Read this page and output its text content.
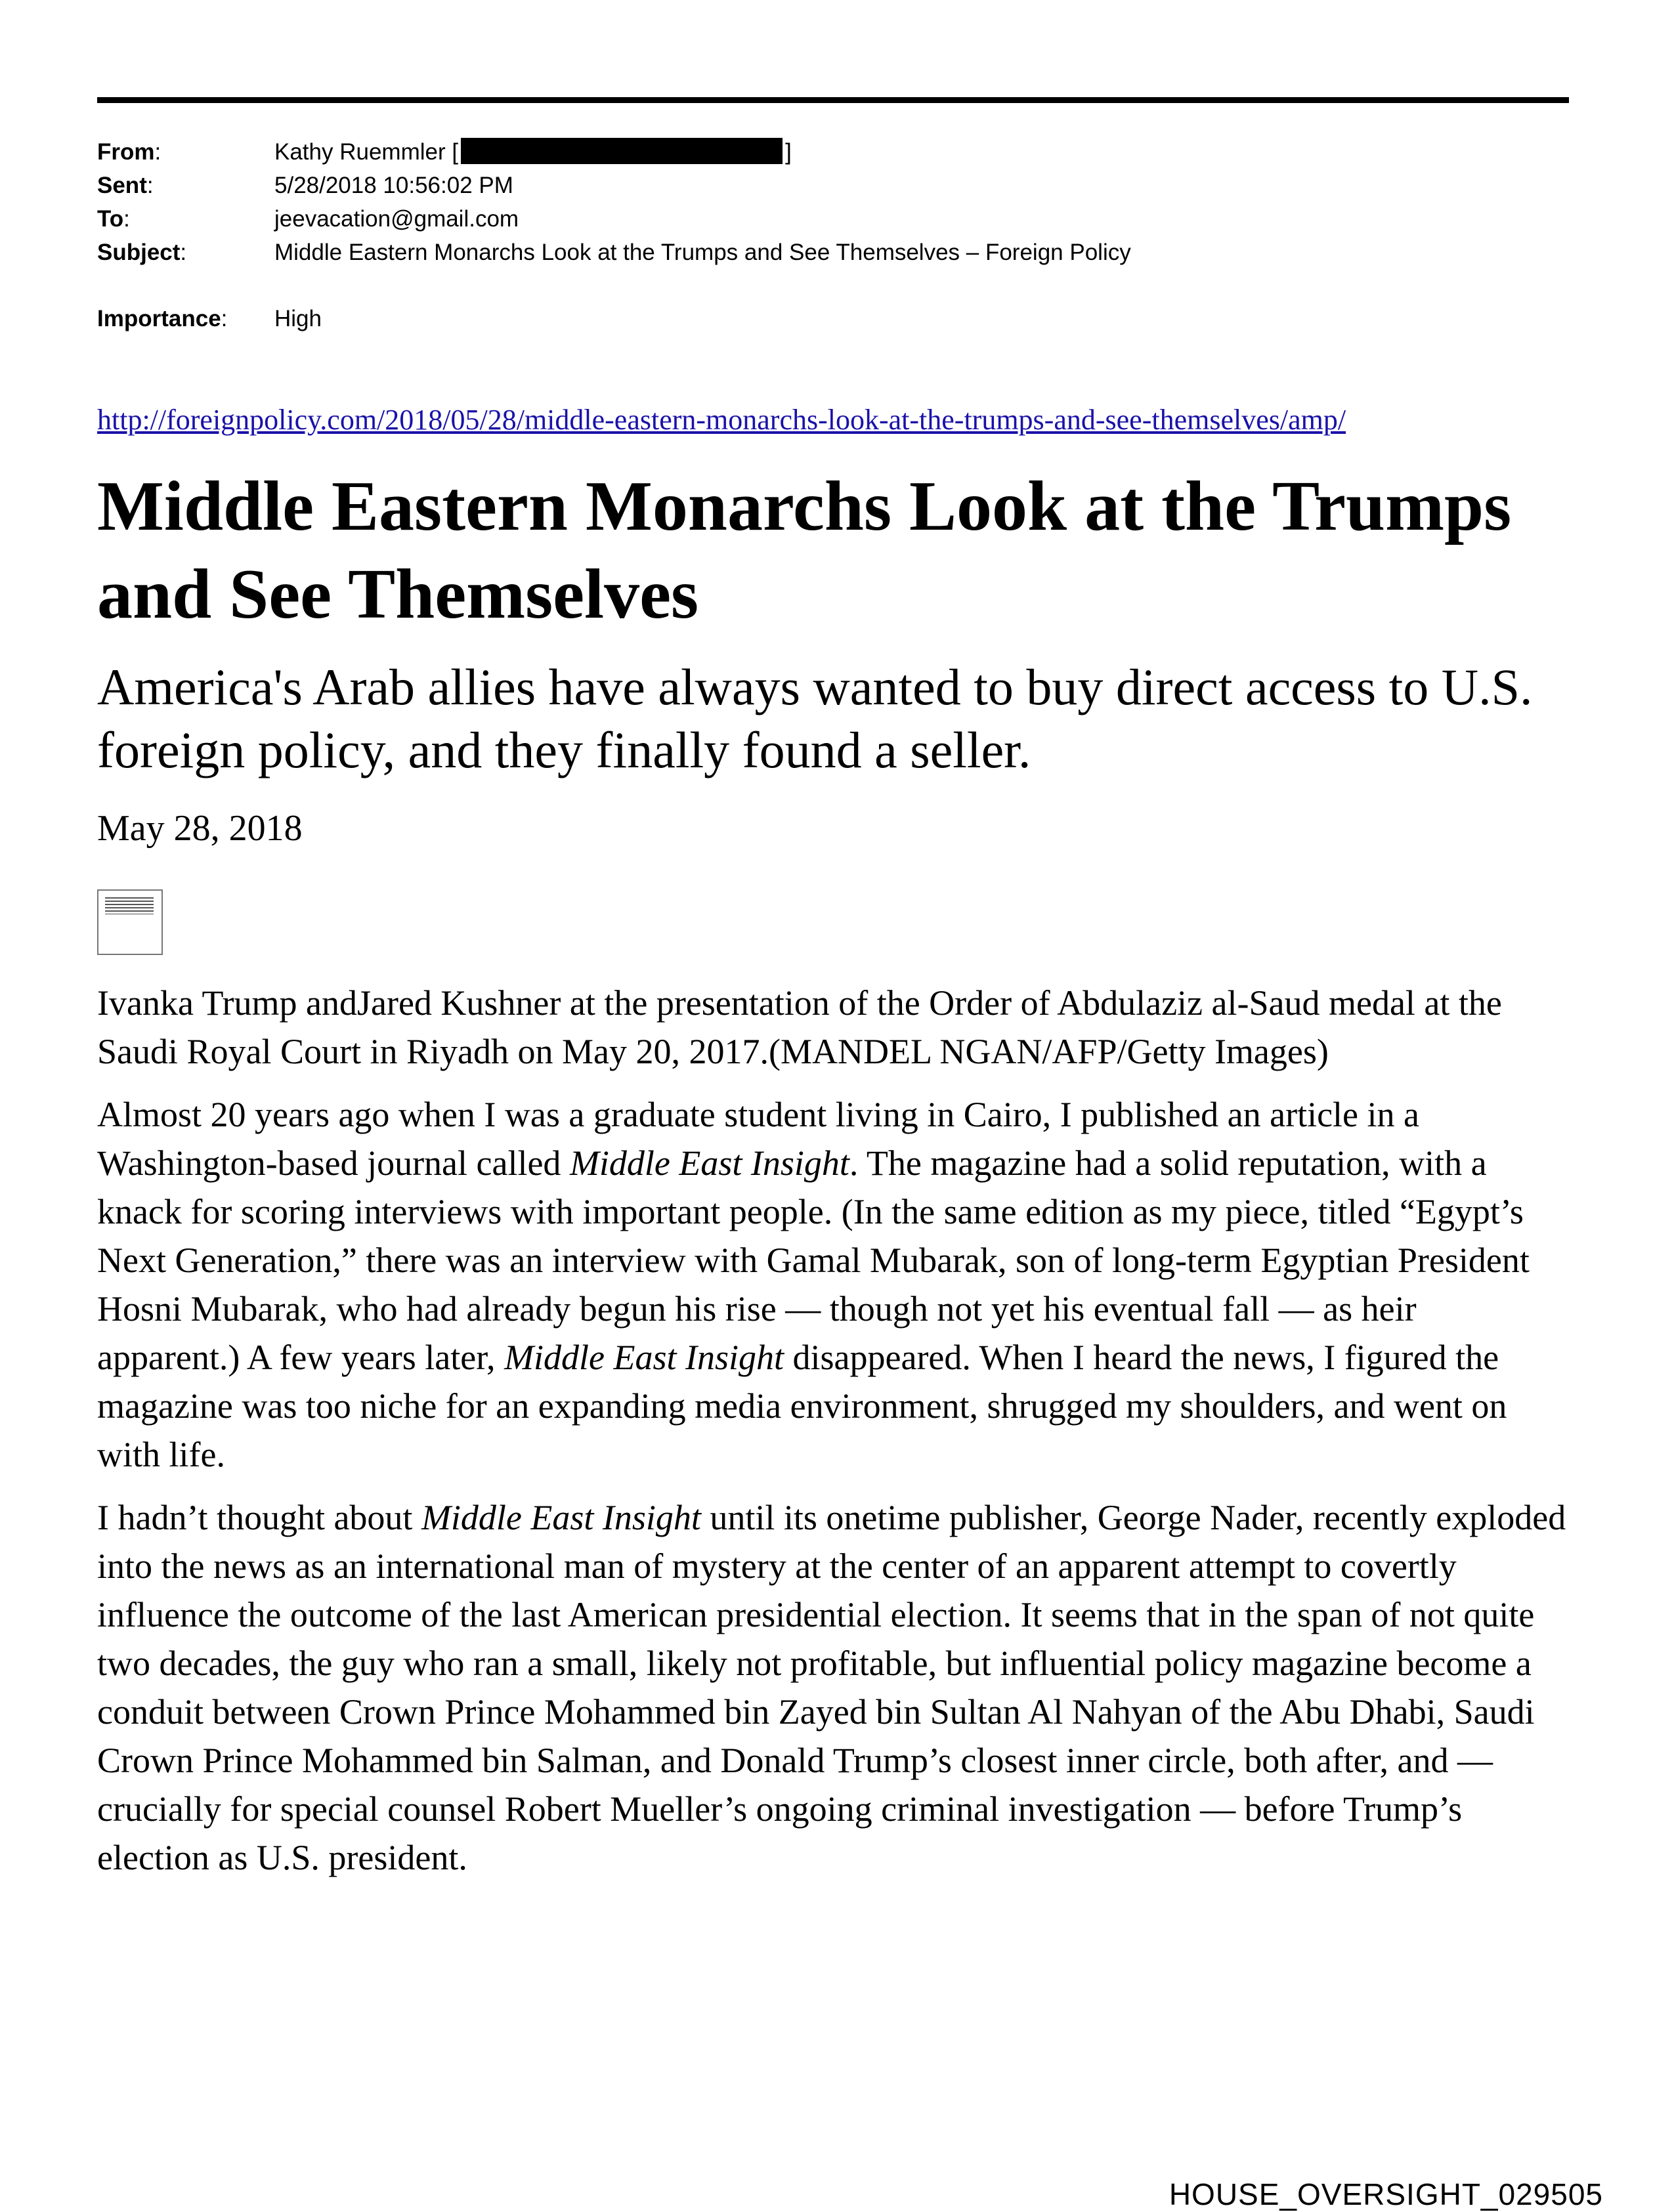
From:	Kathy Ruemmler [	]
Sent:	5/28/2018 10:56:02 PM
To:	jeevacation@gmail.com
Subject:	Middle Eastern Monarchs Look at the Trumps and See Themselves – Foreign Policy
Importance:	High
http://foreignpolicy.com/2018/05/28/middle-eastern-monarchs-look-at-the-trumps-and-see-themselves/amp/
Middle Eastern Monarchs Look at the Trumps and See Themselves
America's Arab allies have always wanted to buy direct access to U.S. foreign policy, and they finally found a seller.
May 28, 2018

Ivanka Trump andJared Kushner at the presentation of the Order of Abdulaziz al-Saud medal at the Saudi Royal Court in Riyadh on May 20, 2017.(MANDEL NGAN/AFP/Getty Images)

Almost 20 years ago when I was a graduate student living in Cairo, I published an article in a Washington-based journal called Middle East Insight. The magazine had a solid reputation, with a knack for scoring interviews with important people. (In the same edition as my piece, titled “Egypt’s Next Generation,” there was an interview with Gamal Mubarak, son of long-term Egyptian President Hosni Mubarak, who had already begun his rise — though not yet his eventual fall — as heir apparent.) A few years later, Middle East Insight disappeared. When I heard the news, I figured the magazine was too niche for an expanding media environment, shrugged my shoulders, and went on with life.

I hadn’t thought about Middle East Insight until its onetime publisher, George Nader, recently exploded into the news as an international man of mystery at the center of an apparent attempt to covertly influence the outcome of the last American presidential election. It seems that in the span of not quite two decades, the guy who ran a small, likely not profitable, but influential policy magazine become a conduit between Crown Prince Mohammed bin Zayed bin Sultan Al Nahyan of the Abu Dhabi, Saudi Crown Prince Mohammed bin Salman, and Donald Trump’s closest inner circle, both after, and — crucially for special counsel Robert Mueller’s ongoing criminal investigation — before Trump’s election as U.S. president.

HOUSE_OVERSIGHT_029505
